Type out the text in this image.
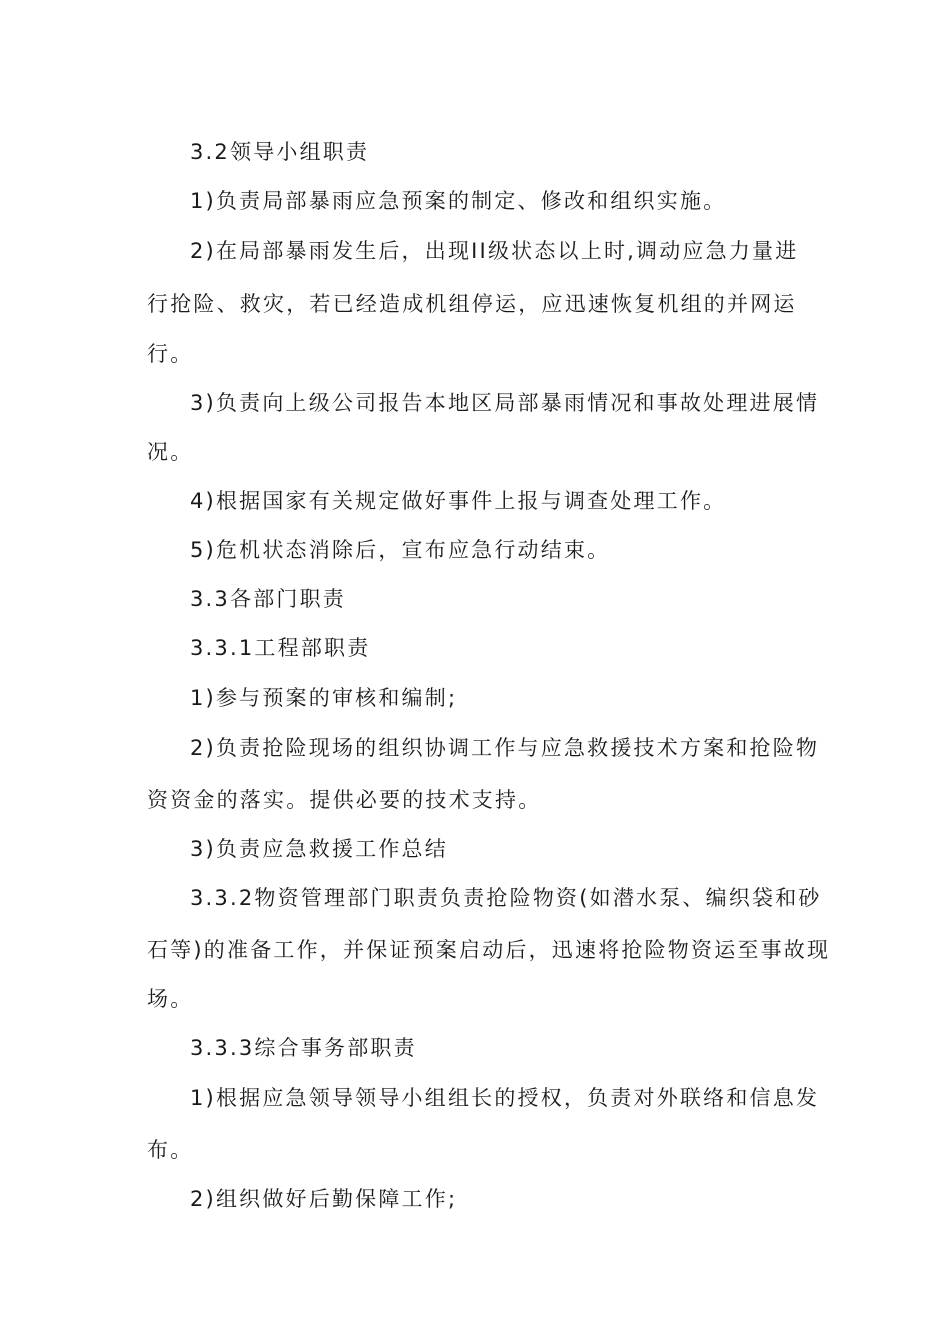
3.2领导小组职责

1)负责局部暴雨应急预案的制定、修改和组织实施。

2)在局部暴雨发生后，出现II级状态以上时,调动应急力量进

行抢险、救灾，若已经造成机组停运，应迅速恢复机组的并网运

行。

3)负责向上级公司报告本地区局部暴雨情况和事故处理进展情

况。

4)根据国家有关规定做好事件上报与调查处理工作。

5)危机状态消除后，宣布应急行动结束。

3.3各部门职责

3.3.1工程部职责

1)参与预案的审核和编制;

2)负责抢险现场的组织协调工作与应急救援技术方案和抢险物

资资金的落实。提供必要的技术支持。

3)负责应急救援工作总结

3.3.2物资管理部门职责负责抢险物资(如潜水泵、编织袋和砂

石等)的准备工作，并保证预案启动后，迅速将抢险物资运至事故现

场。

3.3.3综合事务部职责

1)根据应急领导领导小组组长的授权，负责对外联络和信息发

布。

2)组织做好后勤保障工作;
